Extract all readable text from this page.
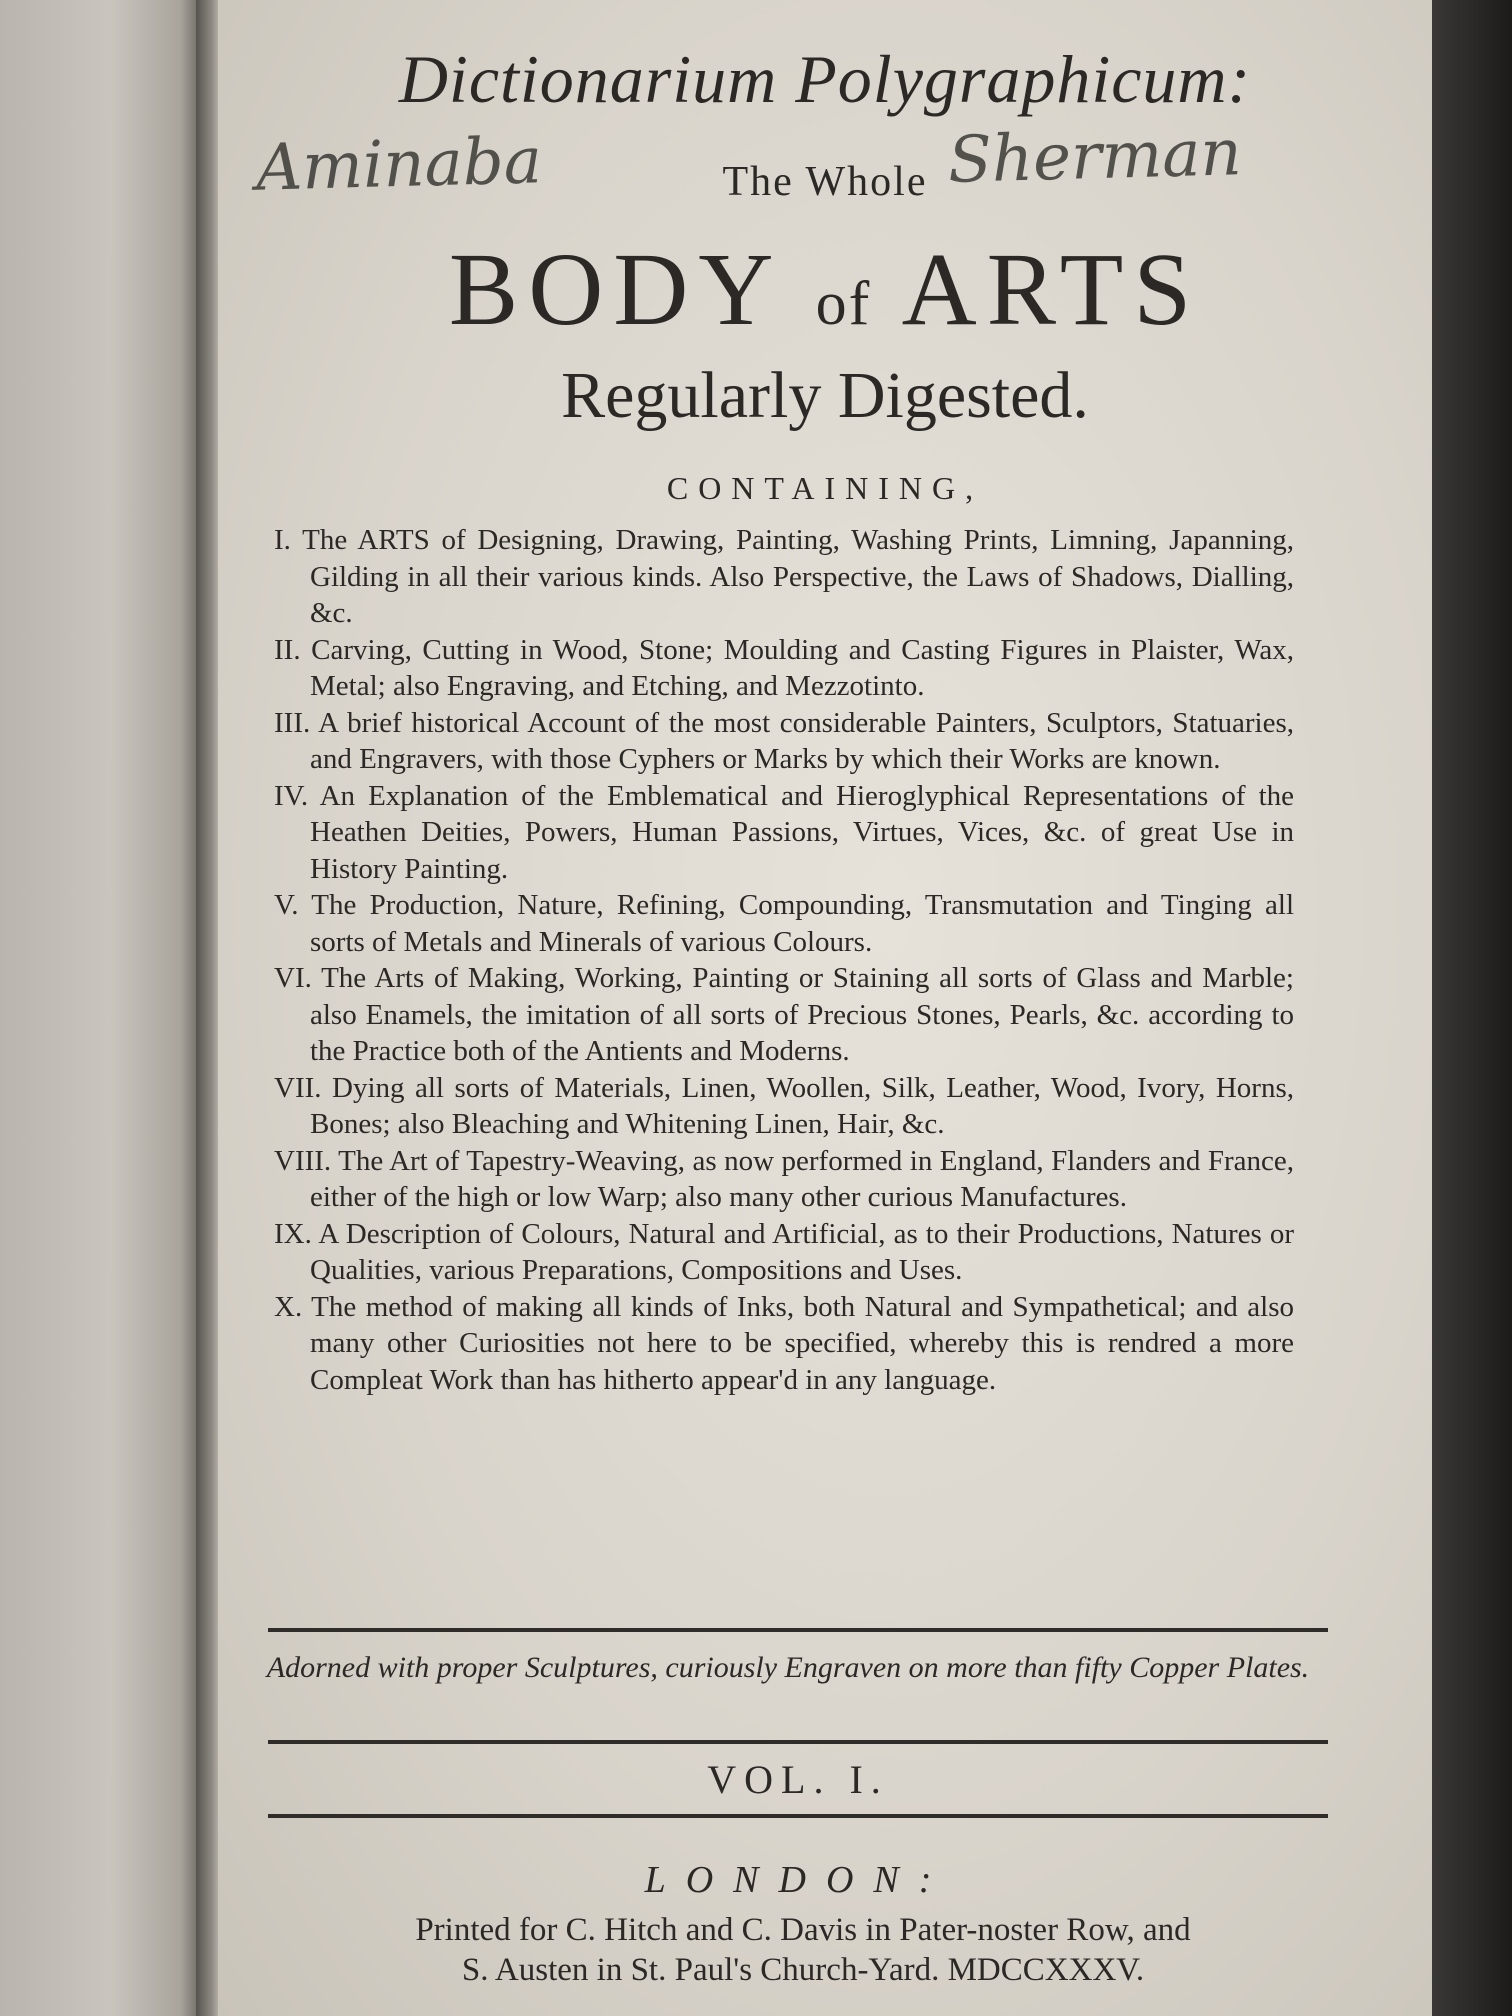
Dictionarium Polygraphicum:
Aminaba	Sherman
The Whole
BODY of ARTS
Regularly Digested.
CONTAINING,
I. The ARTS of Designing, Drawing, Painting, Washing Prints, Limning, Japanning, Gilding in all their various kinds. Also Perspective, the Laws of Shadows, Dialling, &c.
II. Carving, Cutting in Wood, Stone; Moulding and Casting Figures in Plaister, Wax, Metal; also Engraving, and Etching, and Mezzotinto.
III. A brief historical Account of the most considerable Painters, Sculptors, Statuaries, and Engravers, with those Cyphers or Marks by which their Works are known.
IV. An Explanation of the Emblematical and Hieroglyphical Representations of the Heathen Deities, Powers, Human Passions, Virtues, Vices, &c. of great Use in History Painting.
V. The Production, Nature, Refining, Compounding, Transmutation and Tinging all sorts of Metals and Minerals of various Colours.
VI. The Arts of Making, Working, Painting or Staining all sorts of Glass and Marble; also Enamels, the imitation of all sorts of Precious Stones, Pearls, &c. according to the Practice both of the Antients and Moderns.
VII. Dying all sorts of Materials, Linen, Woollen, Silk, Leather, Wood, Ivory, Horns, Bones; also Bleaching and Whitening Linen, Hair, &c.
VIII. The Art of Tapestry-Weaving, as now performed in England, Flanders and France, either of the high or low Warp; also many other curious Manufactures.
IX. A Description of Colours, Natural and Artificial, as to their Productions, Natures or Qualities, various Preparations, Compositions and Uses.
X. The method of making all kinds of Inks, both Natural and Sympathetical; and also many other Curiosities not here to be specified, whereby this is rendred a more Compleat Work than has hitherto appear'd in any language.
Adorned with proper Sculptures, curiously Engraven on more than fifty Copper Plates.
VOL. I.
LONDON:
Printed for C. Hitch and C. Davis in Pater-noster Row, and
S. Austen in St. Paul's Church-Yard. MDCCXXXV.
